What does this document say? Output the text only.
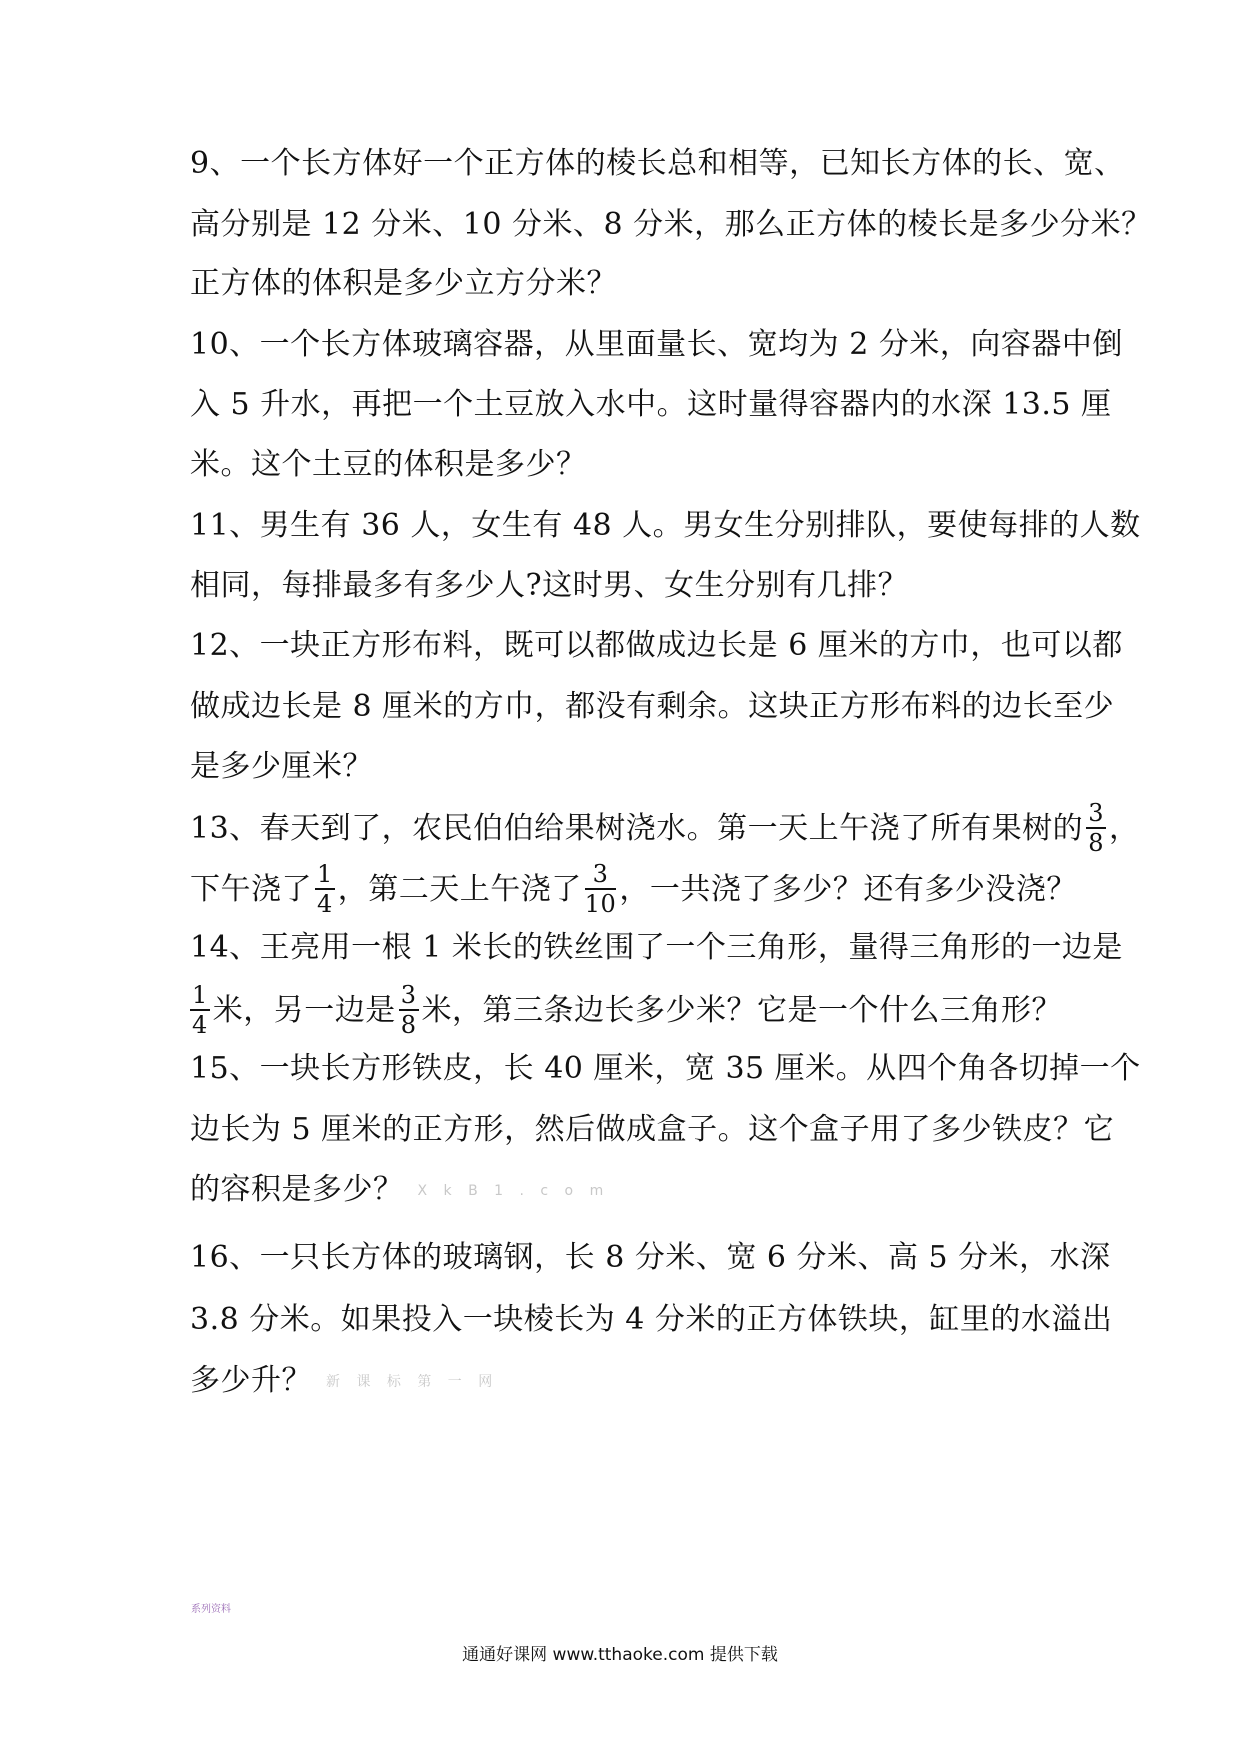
9、一个长方体好一个正方体的棱长总和相等，已知长方体的长、宽、
高分别是 12 分米、10 分米、8 分米，那么正方体的棱长是多少分米？
正方体的体积是多少立方分米？
10、一个长方体玻璃容器，从里面量长、宽均为 2 分米，向容器中倒
入 5 升水，再把一个土豆放入水中。这时量得容器内的水深 13.5 厘
米。这个土豆的体积是多少？
11、男生有 36 人，女生有 48 人。男女生分别排队，要使每排的人数
相同，每排最多有多少人?这时男、女生分别有几排？
12、一块正方形布料，既可以都做成边长是 6 厘米的方巾，也可以都
做成边长是 8 厘米的方巾，都没有剩余。这块正方形布料的边长至少
是多少厘米？
13、春天到了，农民伯伯给果树浇水。第一天上午浇了所有果树的 $\frac{3}{8}$ ，
下午浇了 $\frac{1}{4}$ ，第二天上午浇了 $\frac{3}{10}$ ，一共浇了多少？还有多少没浇？
14、王亮用一根 1 米长的铁丝围了一个三角形，量得三角形的一边是
$\frac{1}{4}$ 米，另一边是 $\frac{3}{8}$ 米，第三条边长多少米？它是一个什么三角形？
15、一块长方形铁皮，长 40 厘米，宽 35 厘米。从四个角各切掉一个
边长为 5 厘米的正方形，然后做成盒子。这个盒子用了多少铁皮？它
的容积是多少？ X k B 1 . c o m
16、一只长方体的玻璃钢，长 8 分米、宽 6 分米、高 5 分米，水深
3.8 分米。如果投入一块棱长为 4 分米的正方体铁块，缸里的水溢出
多少升？ 新 课 标 第 一 网
系列资料
通通好课网 www.tthaoke.com 提供下载
